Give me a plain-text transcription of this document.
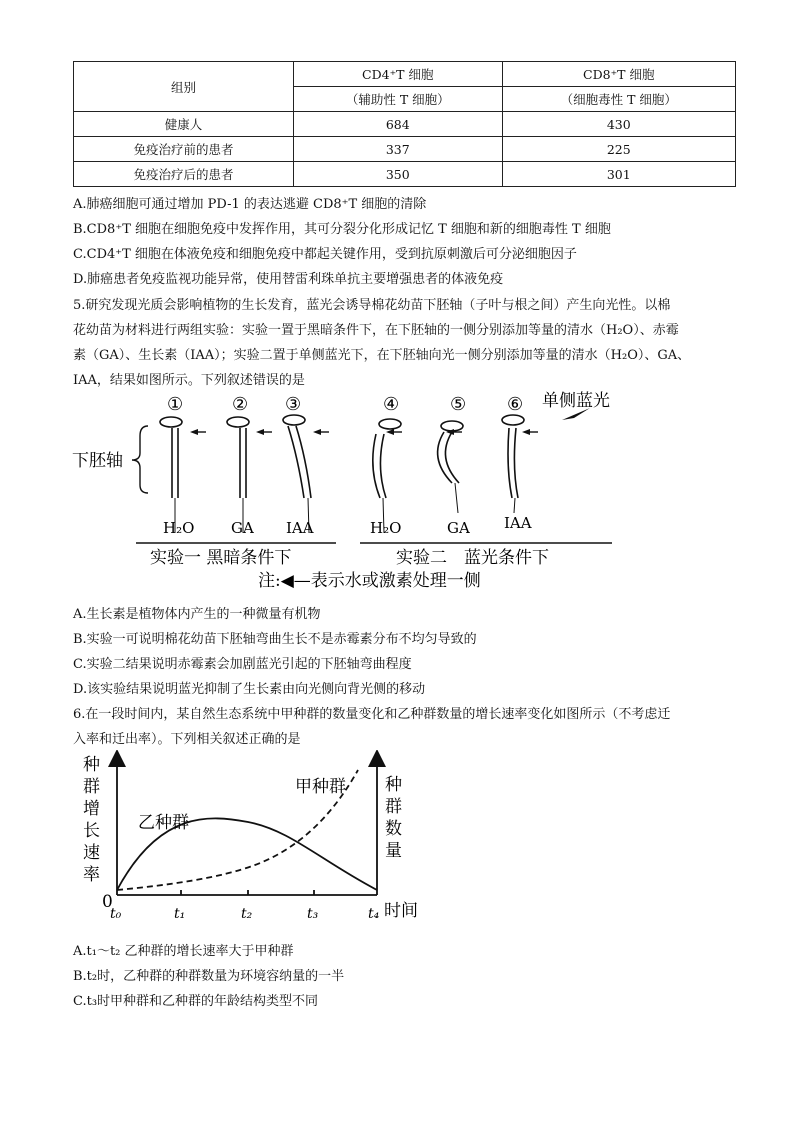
组别	CD4⁺T 细胞	CD8⁺T 细胞
	（辅助性 T 细胞）	（细胞毒性 T 细胞）
健康人	684	430
免疫治疗前的患者	337	225
免疫治疗后的患者	350	301
A.肺癌细胞可通过增加 PD-1 的表达逃避 CD8⁺T 细胞的清除
B.CD8⁺T 细胞在细胞免疫中发挥作用，其可分裂分化形成记忆 T 细胞和新的细胞毒性 T 细胞
C.CD4⁺T 细胞在体液免疫和细胞免疫中都起关键作用，受到抗原刺激后可分泌细胞因子
D.肺癌患者免疫监视功能异常，使用替雷利珠单抗主要增强患者的体液免疫
5.研究发现光质会影响植物的生长发育，蓝光会诱导棉花幼苗下胚轴（子叶与根之间）产生向光性。以棉
花幼苗为材料进行两组实验：实验一置于黑暗条件下，在下胚轴的一侧分别添加等量的清水（H₂O）、赤霉
素（GA）、生长素（IAA）；实验二置于单侧蓝光下，在下胚轴向光一侧分别添加等量的清水（H₂O）、GA、
IAA，结果如图所示。下列叙述错误的是
①	② ③	④	⑤ ⑥ 单侧蓝光
下胚轴
H₂O GA IAA	H₂O	GA IAA
实验一 黑暗条件下	实验二　蓝光条件下
注:◀—表示水或激素处理一侧
A.生长素是植物体内产生的一种微量有机物
B.实验一可说明棉花幼苗下胚轴弯曲生长不是赤霉素分布不均匀导致的
C.实验二结果说明赤霉素会加剧蓝光引起的下胚轴弯曲程度
D.该实验结果说明蓝光抑制了生长素由向光侧向背光侧的移动
6.在一段时间内，某自然生态系统中甲种群的数量变化和乙种群数量的增长速率变化如图所示（不考虑迁
入率和迁出率）。下列相关叙述正确的是
种
群
增
长
速
率
种
群
数
量
0	时间
乙种群
甲种群
t₀	t₁	t₂	t₃	t₄
A.t₁～t₂ 乙种群的增长速率大于甲种群
B.t₂时，乙种群的种群数量为环境容纳量的一半
C.t₃时甲种群和乙种群的年龄结构类型不同
